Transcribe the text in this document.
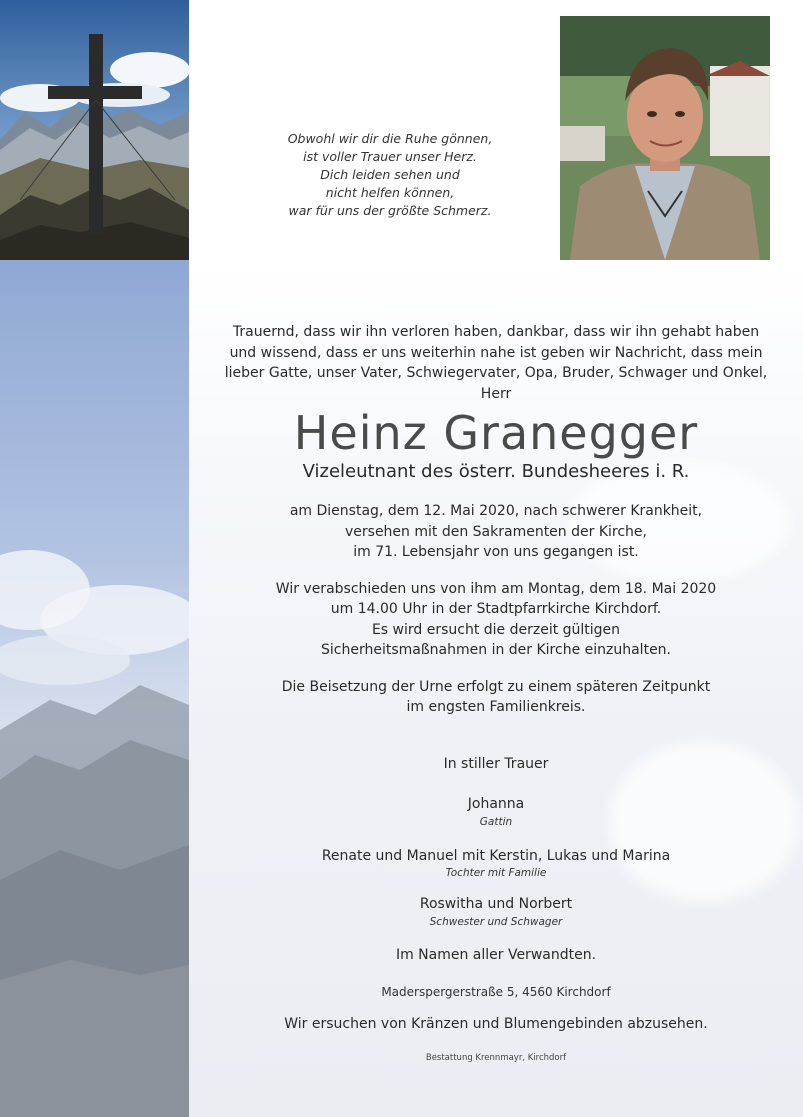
Obwohl wir dir die Ruhe gönnen,
ist voller Trauer unser Herz.
Dich leiden sehen und
nicht helfen können,
war für uns der größte Schmerz.
Trauernd, dass wir ihn verloren haben, dankbar, dass wir ihn gehabt haben
und wissend, dass er uns weiterhin nahe ist geben wir Nachricht, dass mein
lieber Gatte, unser Vater, Schwiegervater, Opa, Bruder, Schwager und Onkel,
Herr
Heinz Granegger
Vizeleutnant des österr. Bundesheeres i. R.
am Dienstag, dem 12. Mai 2020, nach schwerer Krankheit,
versehen mit den Sakramenten der Kirche,
im 71. Lebensjahr von uns gegangen ist.
Wir verabschieden uns von ihm am Montag, dem 18. Mai 2020
um 14.00 Uhr in der Stadtpfarrkirche Kirchdorf.
Es wird ersucht die derzeit gültigen
Sicherheitsmaßnahmen in der Kirche einzuhalten.
Die Beisetzung der Urne erfolgt zu einem späteren Zeitpunkt
im engsten Familienkreis.
In stiller Trauer
Johanna
Gattin
Renate und Manuel mit Kerstin, Lukas und Marina
Tochter mit Familie
Roswitha und Norbert
Schwester und Schwager
Im Namen aller Verwandten.
Maderspergerstraße 5, 4560 Kirchdorf
Wir ersuchen von Kränzen und Blumengebinden abzusehen.
Bestattung Krennmayr, Kirchdorf
